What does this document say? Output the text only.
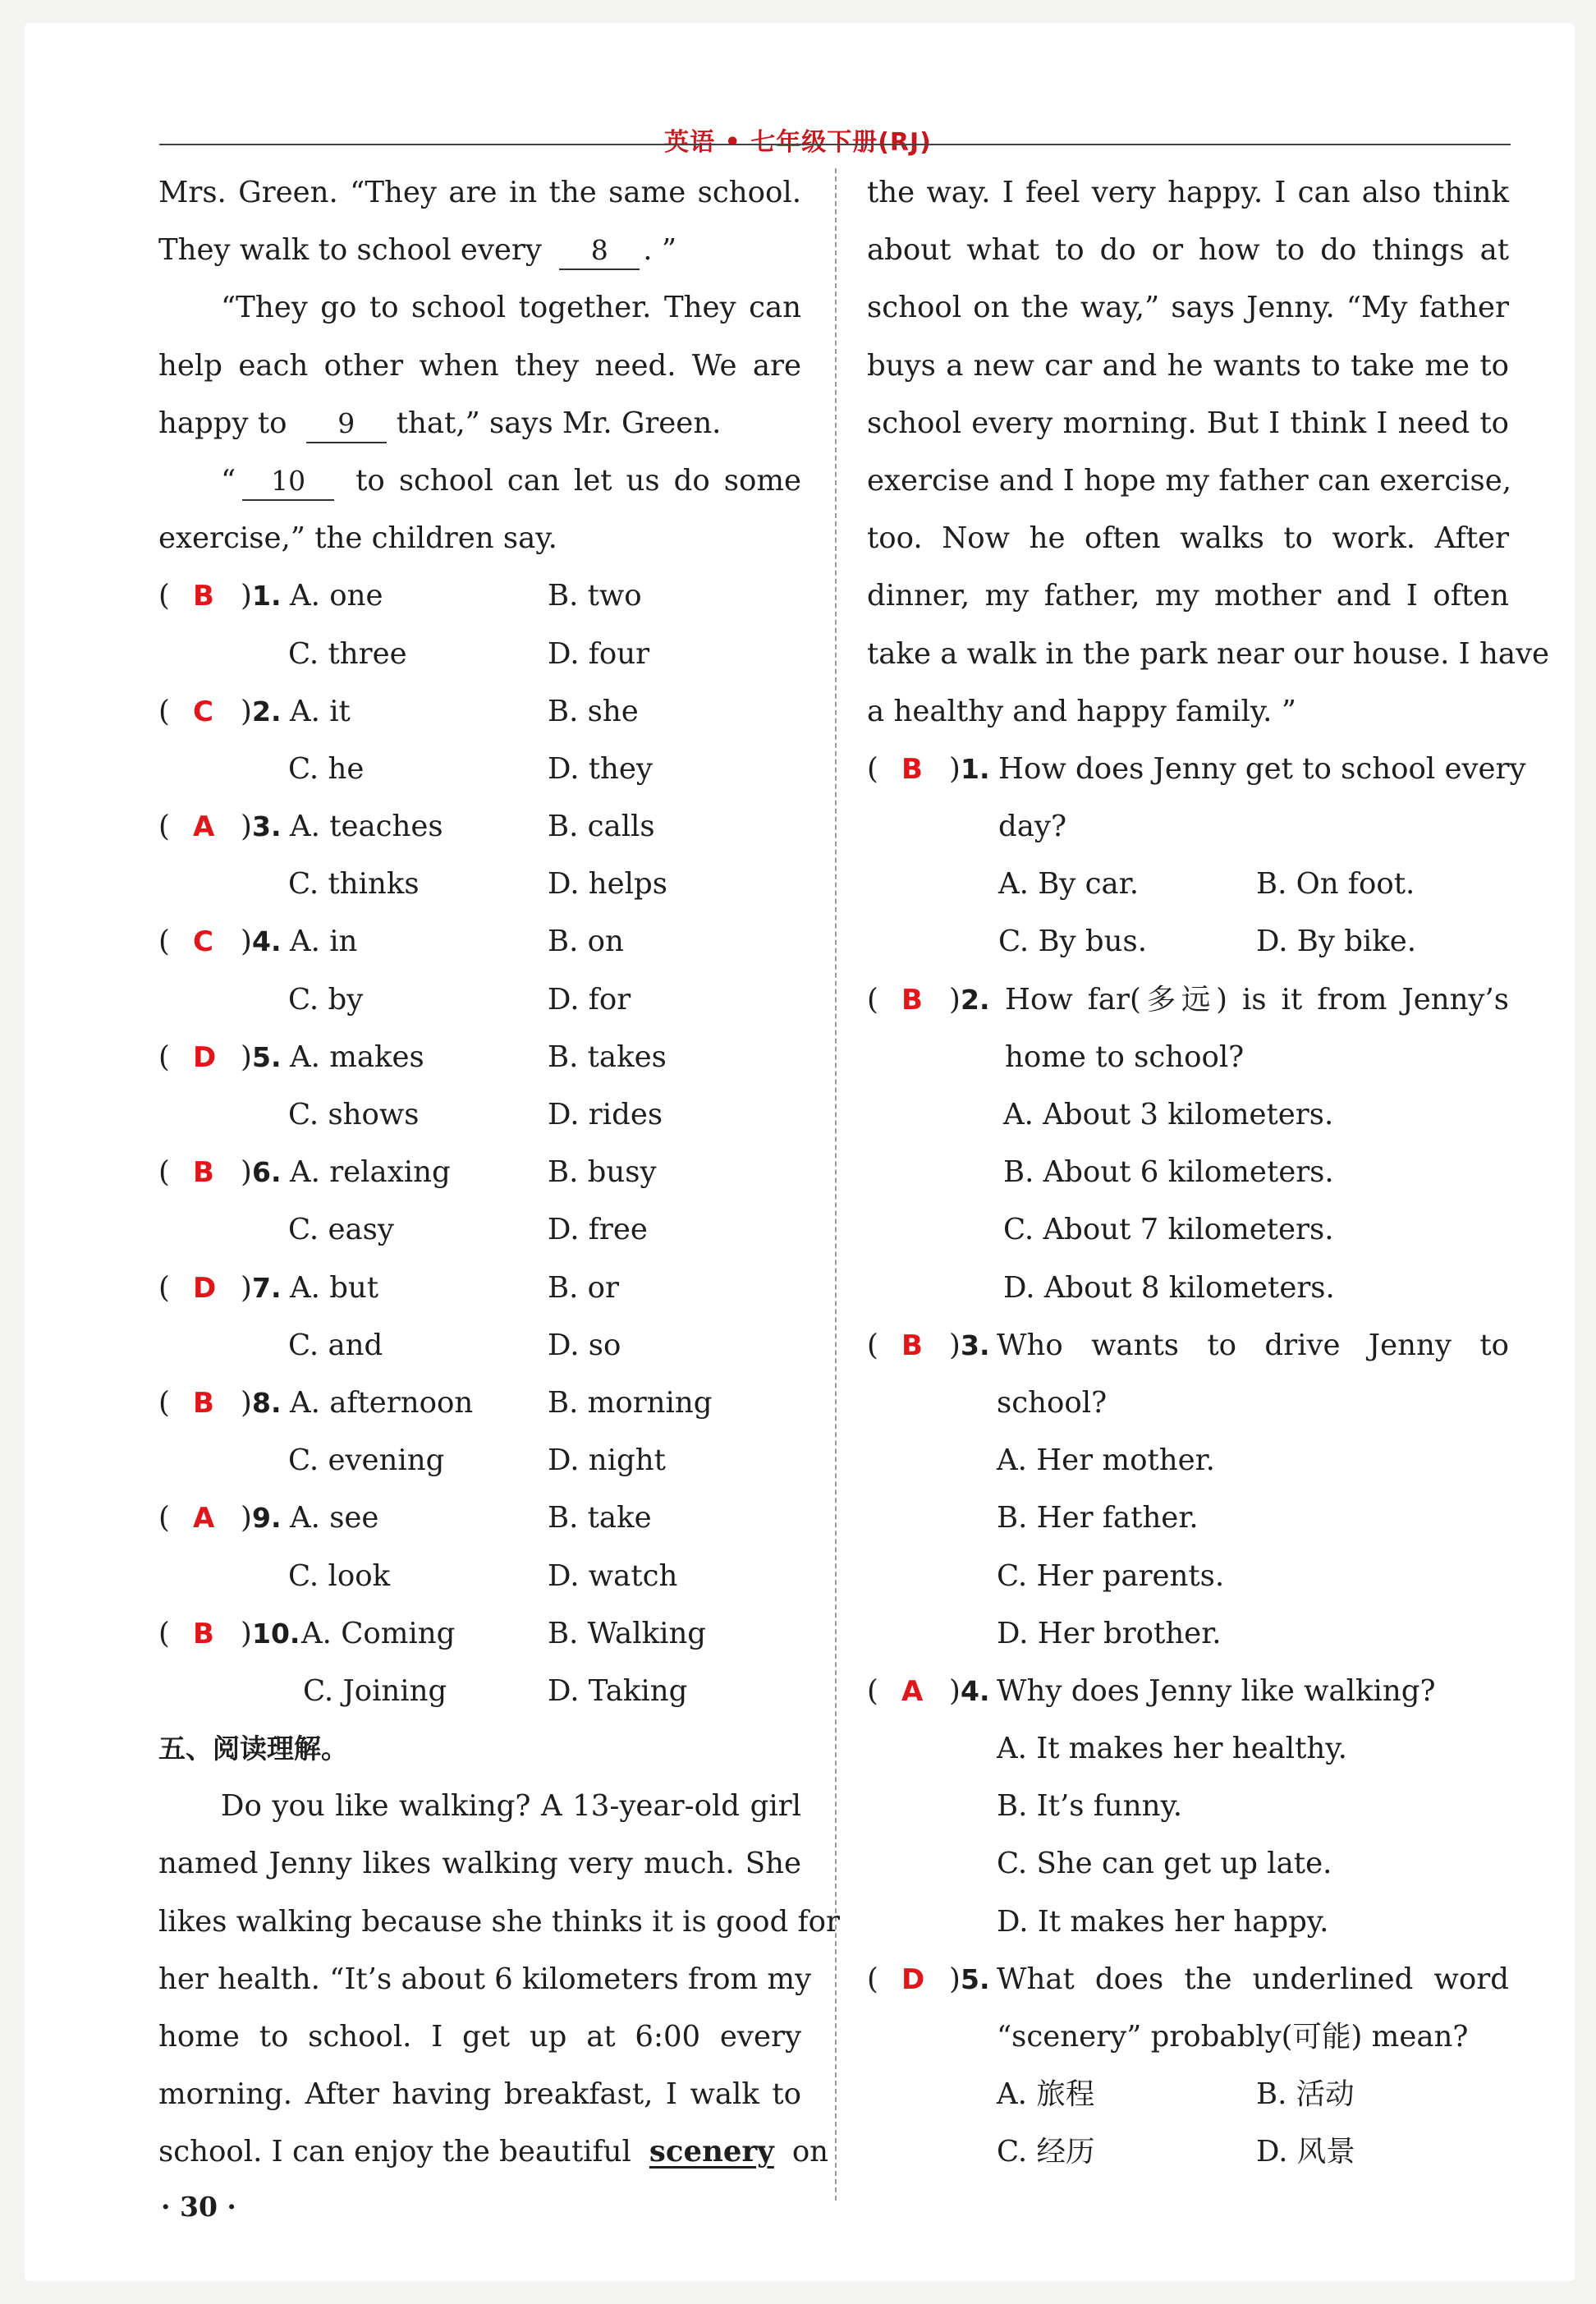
英语 • 七年级下册(RJ)
Mrs. Green. “They are in the same school.
They walk to school every 8 . ”
“They go to school together. They can
help each other when they need. We are
happy to 9 that,” says Mr. Green.
“ 10	to school can let us do some
exercise,” the children say.
( B ) 1. A. one	B. two
C. three	D. four
( C ) 2. A. it	B. she
C. he	D. they
( A ) 3. A. teaches	B. calls
C. thinks	D. helps
( C ) 4. A. in	B. on
C. by	D. for
( D ) 5. A. makes	B. takes
C. shows	D. rides
( B ) 6. A. relaxing	B. busy
C. easy	D. free
( D ) 7. A. but	B. or
C. and	D. so
( B ) 8. A. afternoon	B. morning
C. evening	D. night
( A ) 9. A. see	B. take
C. look	D. watch
( B ) 10. A. Coming	B. Walking
C. Joining	D. Taking
五、阅读理解。
Do you like walking? A 13-year-old girl
named Jenny likes walking very much. She
likes walking because she thinks it is good for
her health. “It’s about 6 kilometers from my
home to school. I get up at 6:00 every
morning. After having breakfast, I walk to
school. I can enjoy the beautiful scenery on
the way. I feel very happy. I can also think
about what to do or how to do things at
school on the way,” says Jenny. “My father
buys a new car and he wants to take me to
school every morning. But I think I need to
exercise and I hope my father can exercise,
too. Now he often walks to work. After
dinner, my father, my mother and I often
take a walk in the park near our house. I have
a healthy and happy family. ”
( B ) 1. How does Jenny get to school every
day?
A. By car.	B. On foot.
C. By bus.	D. By bike.
( B ) 2. How far(多远) is it from Jenny’s
home to school?
A. About 3 kilometers.
B. About 6 kilometers.
C. About 7 kilometers.
D. About 8 kilometers.
( B ) 3. Who wants to drive Jenny to
school?
A. Her mother.
B. Her father.
C. Her parents.
D. Her brother.
( A ) 4. Why does Jenny like walking?
A. It makes her healthy.
B. It’s funny.
C. She can get up late.
D. It makes her happy.
( D ) 5. What does the underlined word
“scenery” probably(可能) mean?
A. 旅程	B. 活动
C. 经历	D. 风景
· 30 ·
